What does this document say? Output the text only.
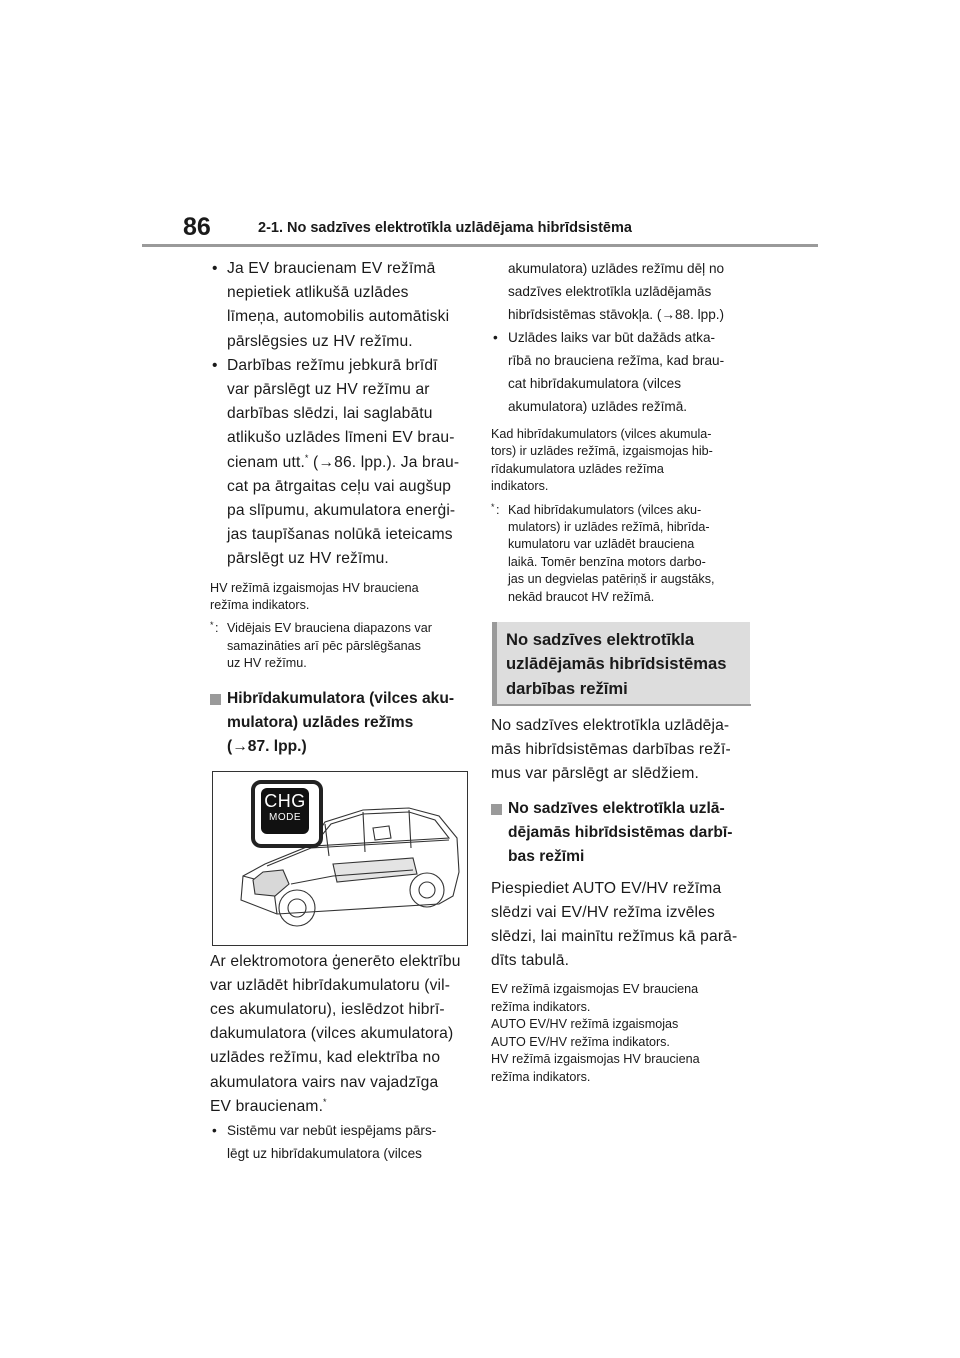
86	2-1. No sadzīves elektrotīkla uzlādējama hibrīdsistēma
• Ja EV braucienam EV režīmā
nepietiek atlikušā uzlādes
līmeņa, automobilis automātiski
pārslēgsies uz HV režīmu.
• Darbības režīmu jebkurā brīdī
var pārslēgt uz HV režīmu ar
darbības slēdzi, lai saglabātu
atlikušo uzlādes līmeni EV brau-
cienam utt.* (→86. lpp.). Ja brau-
cat pa ātrgaitas ceļu vai augšup
pa slīpumu, akumulatora enerģi-
jas taupīšanas nolūkā ieteicams
pārslēgt uz HV režīmu.
HV režīmā izgaismojas HV brauciena
režīma indikators.
* : Vidējais EV brauciena diapazons var
samazināties arī pēc pārslēgšanas
uz HV režīmu.
Hibrīdakumulatora (vilces aku-
mulatora) uzlādes režīms
(→87. lpp.)
CHG
MODE
Ar elektromotora ģenerēto elektrību
var uzlādēt hibrīdakumulatoru (vil-
ces akumulatoru), ieslēdzot hibrī-
dakumulatora (vilces akumulatora)
uzlādes režīmu, kad elektrība no
akumulatora vairs nav vajadzīga
EV braucienam.*
• Sistēmu var nebūt iespējams pārs-
lēgt uz hibrīdakumulatora (vilces
akumulatora) uzlādes režīmu dēļ no
sadzīves elektrotīkla uzlādējamās
hibrīdsistēmas stāvokļa. (→88. lpp.)
• Uzlādes laiks var būt dažāds atka-
rībā no brauciena režīma, kad brau-
cat hibrīdakumulatora (vilces
akumulatora) uzlādes režīmā.
Kad hibrīdakumulators (vilces akumula-
tors) ir uzlādes režīmā, izgaismojas hib-
rīdakumulatora uzlādes režīma
indikators.
* : Kad hibrīdakumulators (vilces aku-
mulators) ir uzlādes režīmā, hibrīda-
kumulatoru var uzlādēt brauciena
laikā. Tomēr benzīna motors darbo-
jas un degvielas patēriņš ir augstāks,
nekād braucot HV režīmā.
No sadzīves elektrotīkla
uzlādējamās hibrīdsistēmas
darbības režīmi
No sadzīves elektrotīkla uzlādēja-
mās hibrīdsistēmas darbības režī-
mus var pārslēgt ar slēdžiem.
No sadzīves elektrotīkla uzlā-
dējamās hibrīdsistēmas darbī-
bas režīmi
Piespiediet AUTO EV/HV režīma
slēdzi vai EV/HV režīma izvēles
slēdzi, lai mainītu režīmus kā parā-
dīts tabulā.
EV režīmā izgaismojas EV brauciena
režīma indikators.
AUTO EV/HV režīmā izgaismojas
AUTO EV/HV režīma indikators.
HV režīmā izgaismojas HV brauciena
režīma indikators.
